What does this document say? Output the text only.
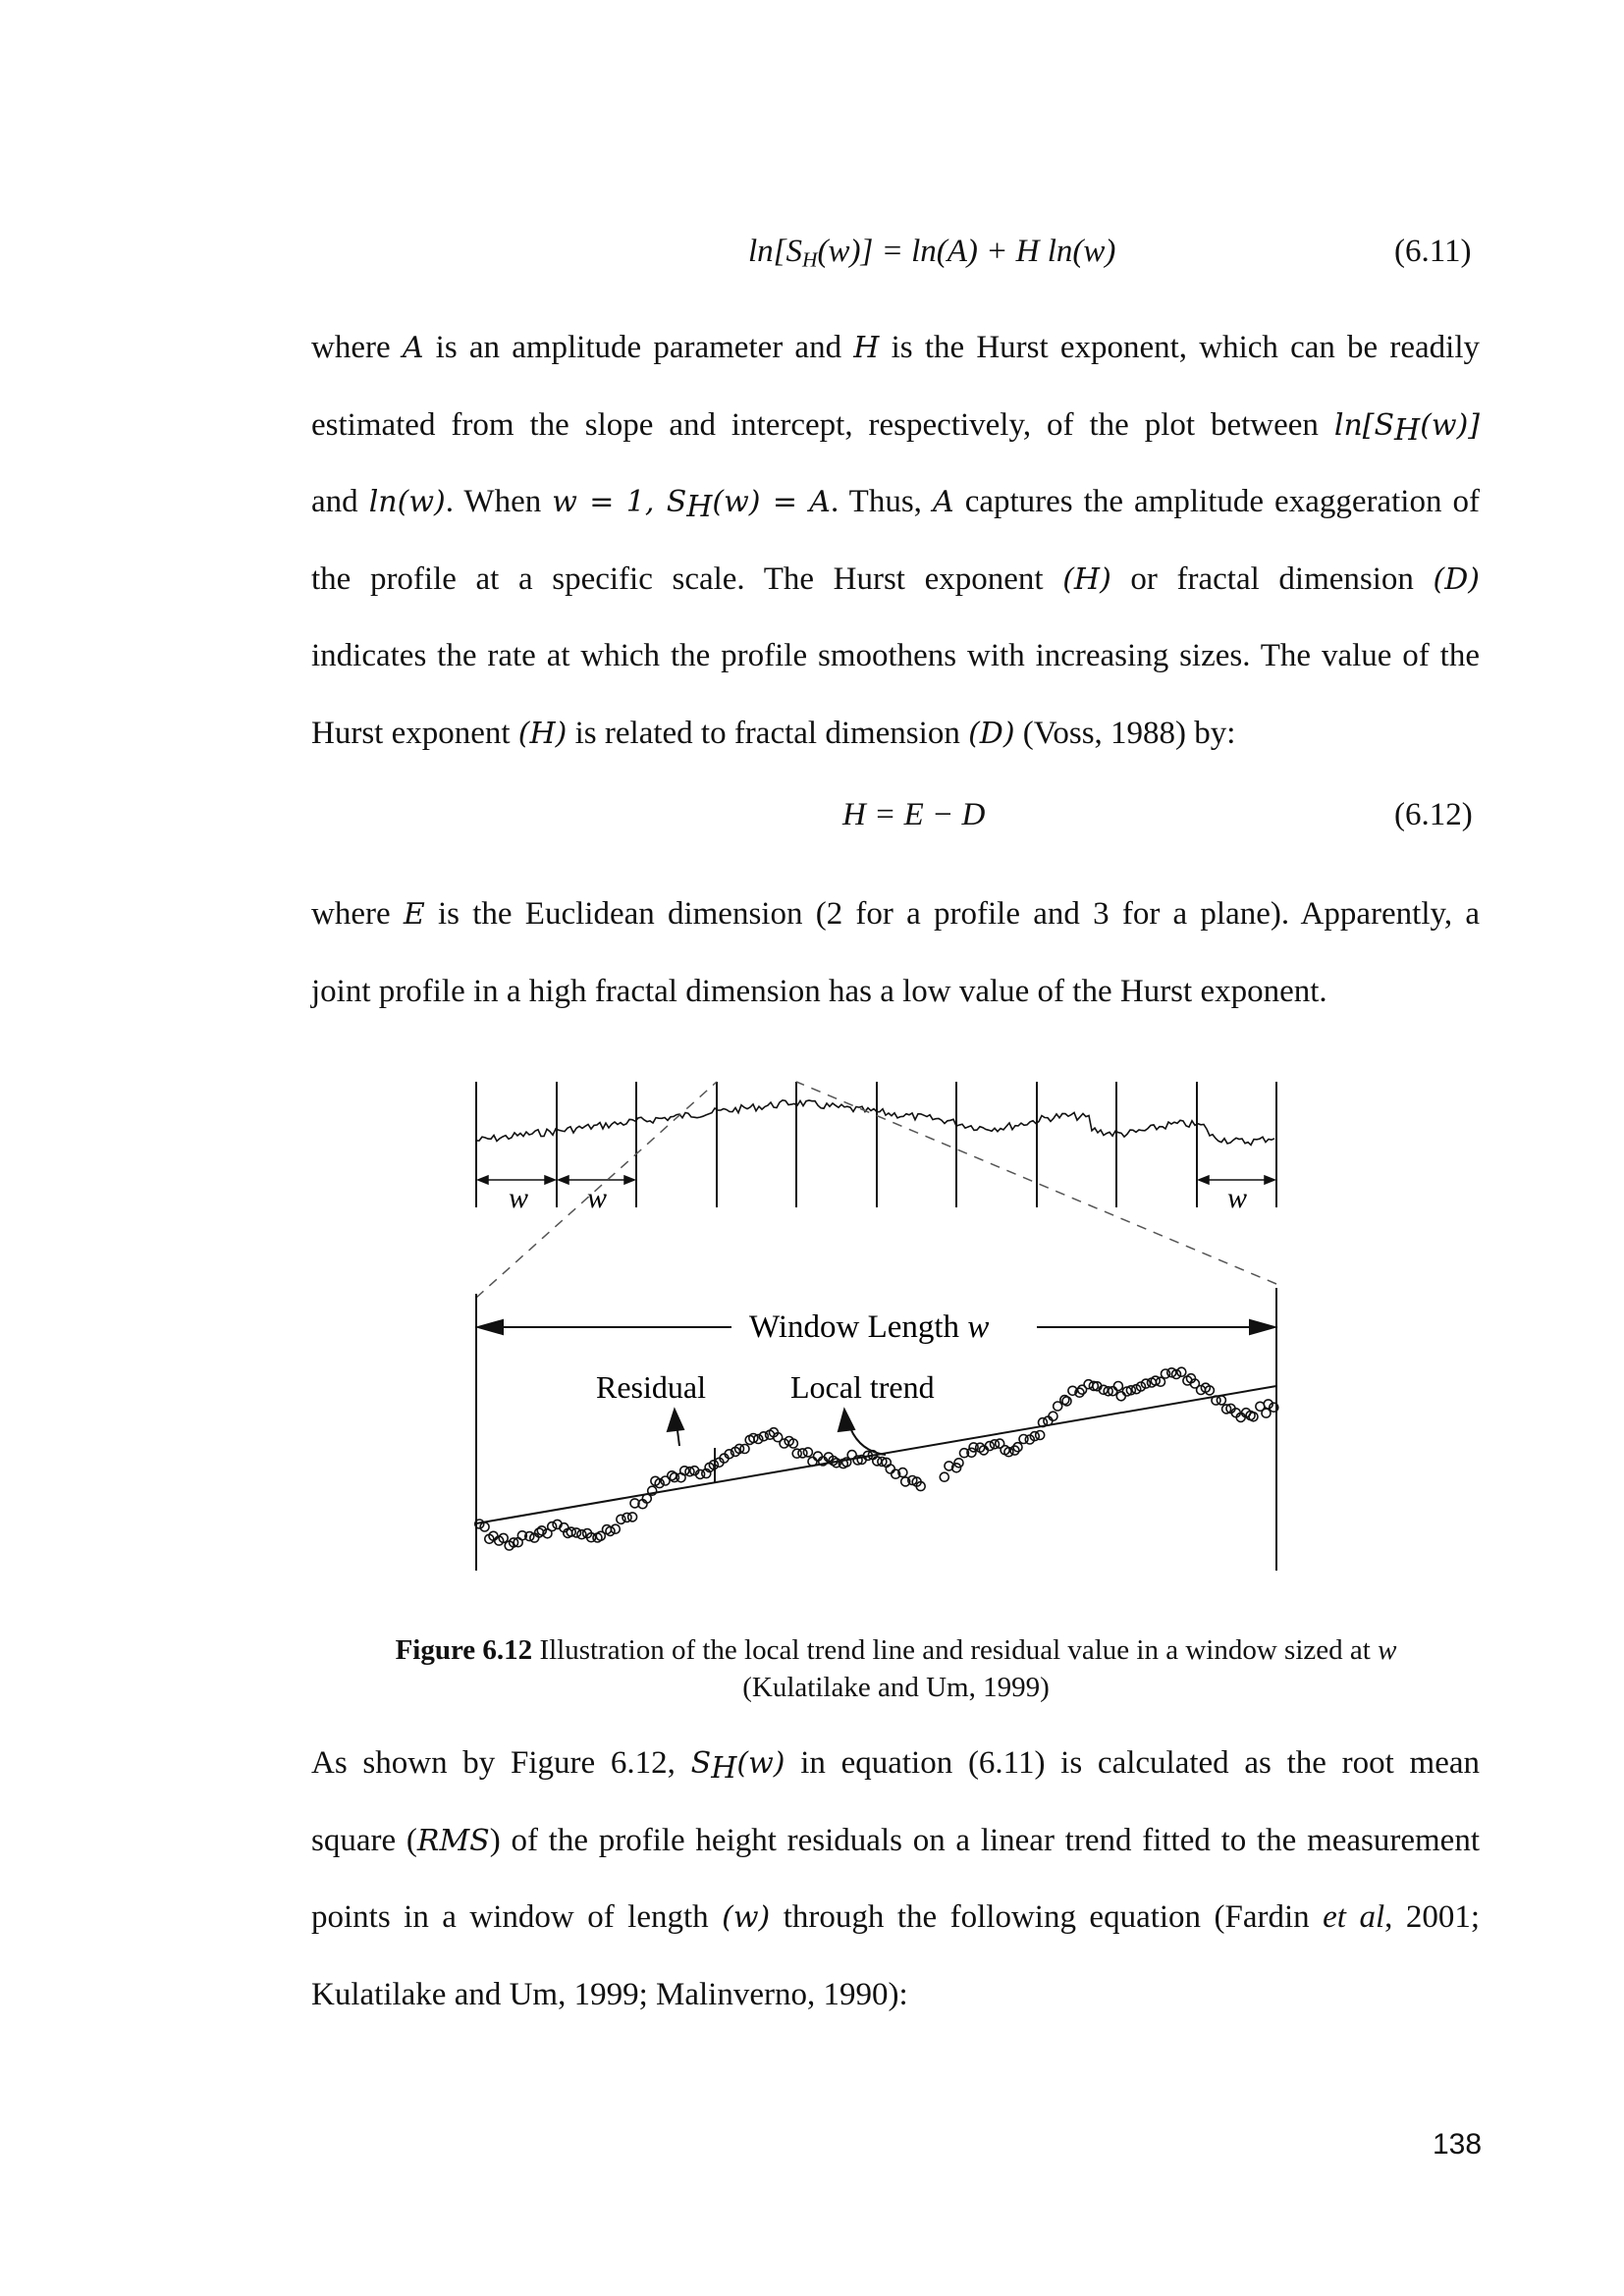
$\ln[S_H(w)] = \ln(A) + H$ ln(w)	(6.11)
where A is an amplitude parameter and H is the Hurst exponent, which can be readily
estimated from the slope and intercept, respectively, of the plot between $\ln[S_H(w)]$
and ln(w). When w = 1, $S_H(w) = A$. Thus, A captures the amplitude exaggeration of
the profile at a specific scale. The Hurst exponent (H) or fractal dimension (D)
indicates the rate at which the profile smoothens with increasing sizes. The value of the
Hurst exponent (H) is related to fractal dimension (D) (Voss, 1988) by:
H = E − D	(6.12)
where E is the Euclidean dimension (2 for a profile and 3 for a plane). Apparently, a
joint profile in a high fractal dimension has a low value of the Hurst exponent.
w w	w
Window Length w
Residual	Local trend
Figure 6.12 Illustration of the local trend line and residual value in a window sized at w
(Kulatilake and Um, 1999)
As shown by Figure 6.12, $S_H(w)$ in equation (6.11) is calculated as the root mean
square (RMS) of the profile height residuals on a linear trend fitted to the measurement
points in a window of length (w) through the following equation (Fardin et al, 2001;
Kulatilake and Um, 1999; Malinverno, 1990):
138
